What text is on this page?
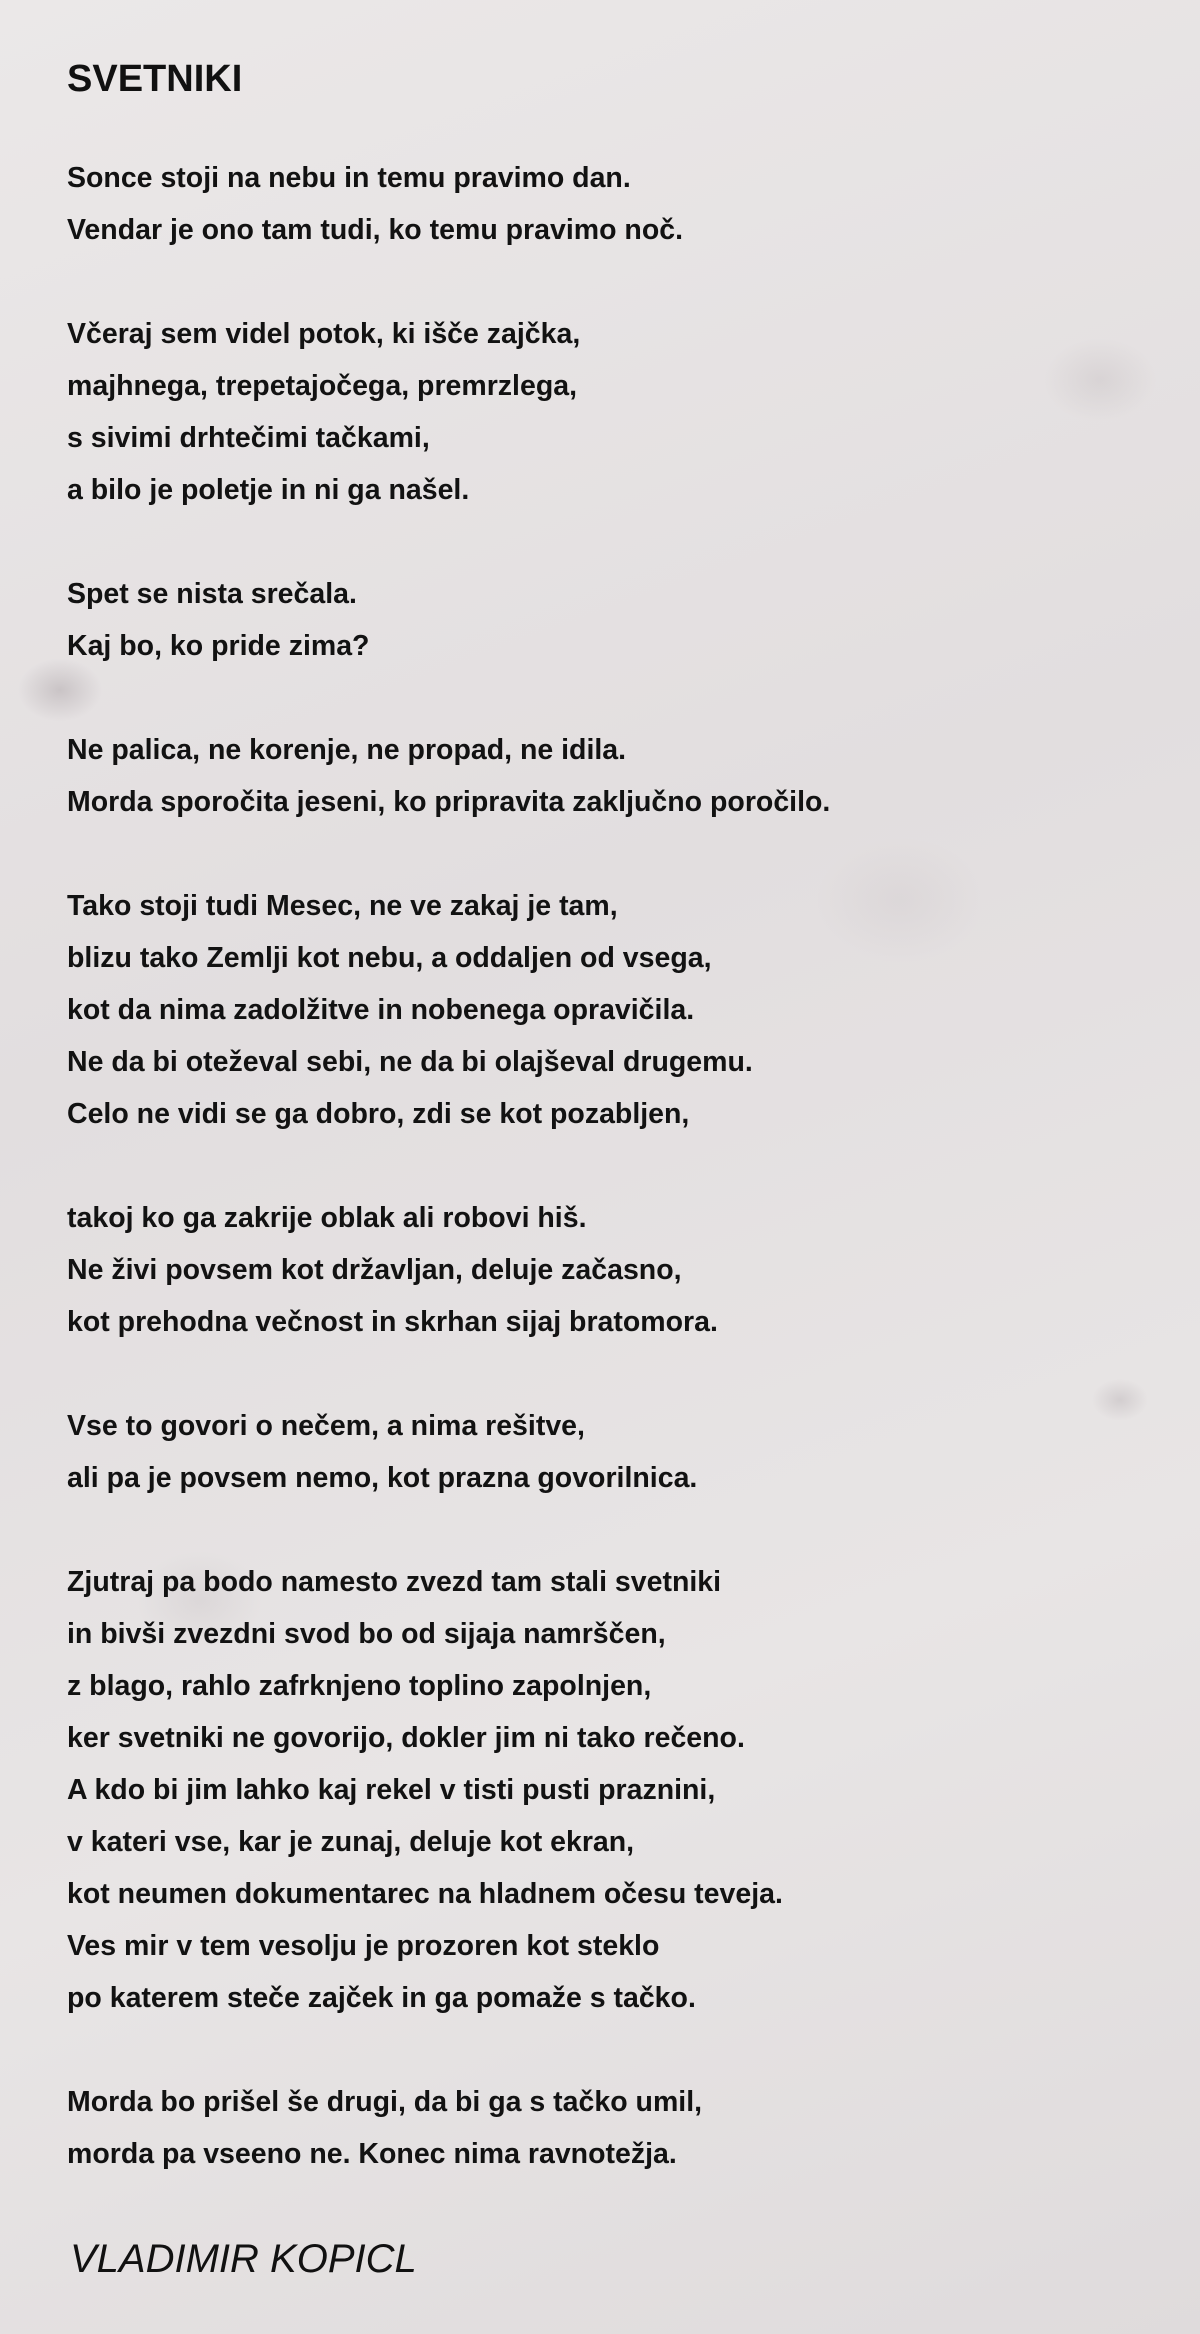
SVETNIKI
Sonce stoji na nebu in temu pravimo dan.
Vendar je ono tam tudi, ko temu pravimo noč.
Včeraj sem videl potok, ki išče zajčka,
majhnega, trepetajočega, premrzlega,
s sivimi drhtečimi tačkami,
a bilo je poletje in ni ga našel.
Spet se nista srečala.
Kaj bo, ko pride zima?
Ne palica, ne korenje, ne propad, ne idila.
Morda sporočita jeseni, ko pripravita zaključno poročilo.
Tako stoji tudi Mesec, ne ve zakaj je tam,
blizu tako Zemlji kot nebu, a oddaljen od vsega,
kot da nima zadolžitve in nobenega opravičila.
Ne da bi oteževal sebi, ne da bi olajševal drugemu.
Celo ne vidi se ga dobro, zdi se kot pozabljen,
takoj ko ga zakrije oblak ali robovi hiš.
Ne živi povsem kot državljan, deluje začasno,
kot prehodna večnost in skrhan sijaj bratomora.
Vse to govori o nečem, a nima rešitve,
ali pa je povsem nemo, kot prazna govorilnica.
Zjutraj pa bodo namesto zvezd tam stali svetniki
in bivši zvezdni svod bo od sijaja namrščen,
z blago, rahlo zafrknjeno toplino zapolnjen,
ker svetniki ne govorijo, dokler jim ni tako rečeno.
A kdo bi jim lahko kaj rekel v tisti pusti praznini,
v kateri vse, kar je zunaj, deluje kot ekran,
kot neumen dokumentarec na hladnem očesu teveja.
Ves mir v tem vesolju je prozoren kot steklo
po katerem steče zajček in ga pomaže s tačko.
Morda bo prišel še drugi, da bi ga s tačko umil,
morda pa vseeno ne. Konec nima ravnotežja.

VLADIMIR KOPICL
